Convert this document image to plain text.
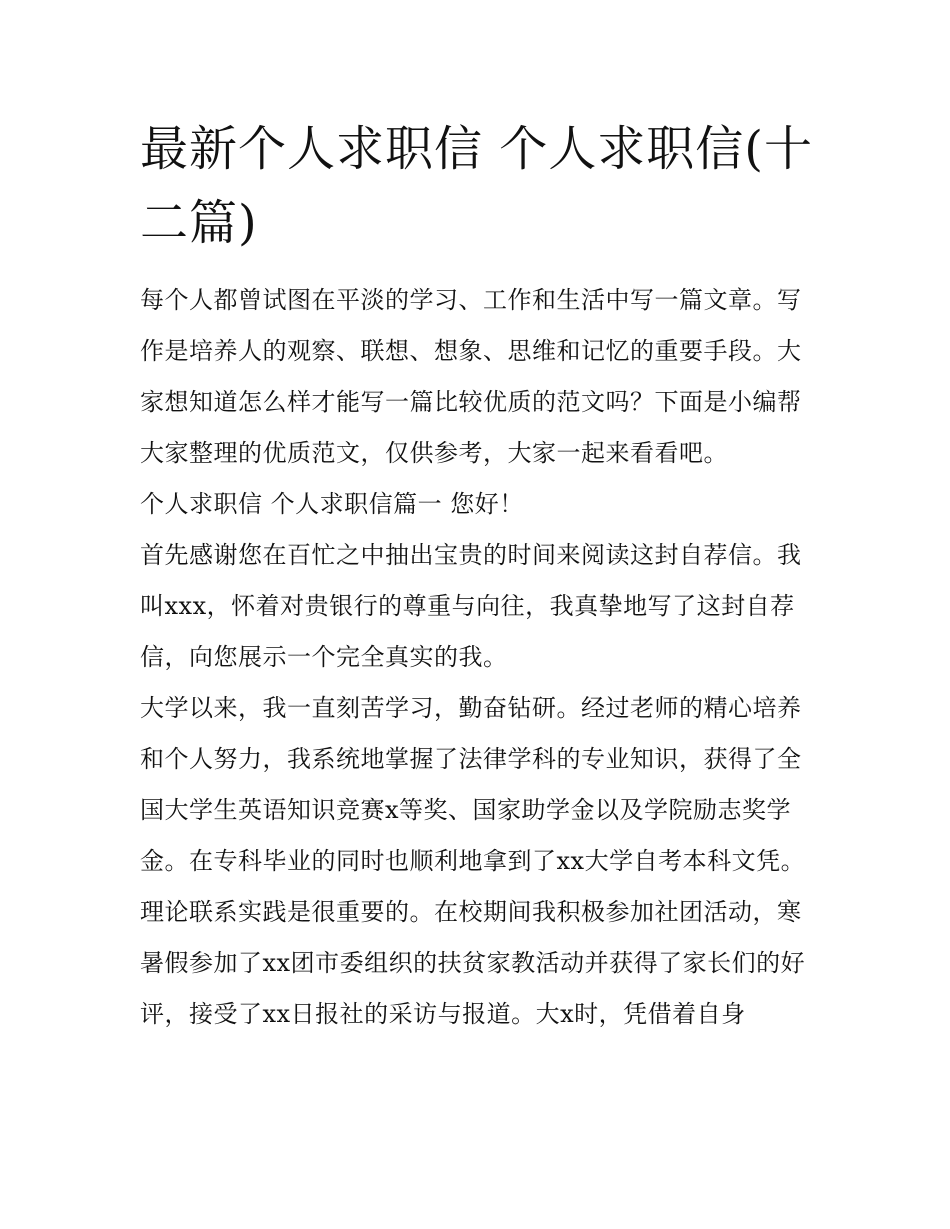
最新个人求职信 个人求职信(十二篇)

每个人都曾试图在平淡的学习、工作和生活中写一篇文章。写作是培养人的观察、联想、想象、思维和记忆的重要手段。大家想知道怎么样才能写一篇比较优质的范文吗？下面是小编帮大家整理的优质范文，仅供参考，大家一起来看看吧。

个人求职信 个人求职信篇一 您好！

首先感谢您在百忙之中抽出宝贵的时间来阅读这封自荐信。我叫xxx，怀着对贵银行的尊重与向往，我真挚地写了这封自荐信，向您展示一个完全真实的我。

大学以来，我一直刻苦学习，勤奋钻研。经过老师的精心培养和个人努力，我系统地掌握了法律学科的专业知识，获得了全国大学生英语知识竞赛x等奖、国家助学金以及学院励志奖学金。在专科毕业的同时也顺利地拿到了xx大学自考本科文凭。

理论联系实践是很重要的。在校期间我积极参加社团活动，寒暑假参加了xx团市委组织的扶贫家教活动并获得了家长们的好评，接受了xx日报社的采访与报道。大x时，凭借着自身
